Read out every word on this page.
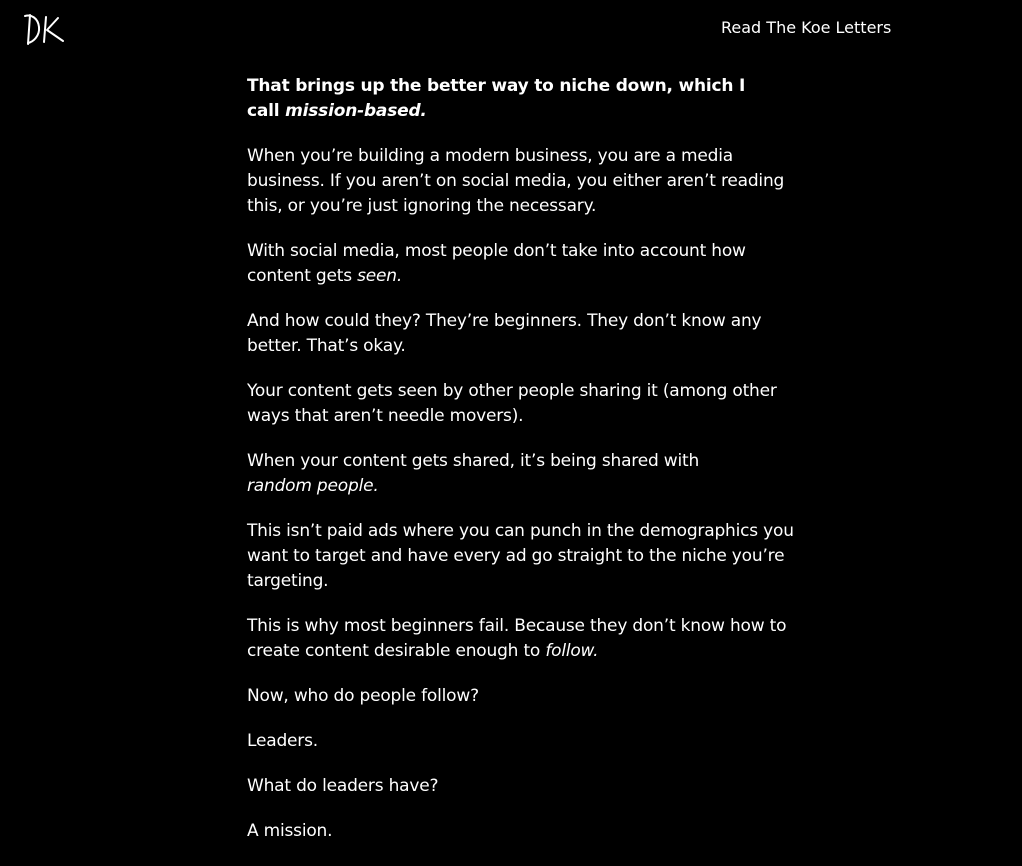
Read The Koe Letters

That brings up the better way to niche down, which I call mission-based.

When you’re building a modern business, you are a media business. If you aren’t on social media, you either aren’t reading this, or you’re just ignoring the necessary.

With social media, most people don’t take into account how content gets seen.

And how could they? They’re beginners. They don’t know any better. That’s okay.

Your content gets seen by other people sharing it (among other ways that aren’t needle movers).

When your content gets shared, it’s being shared with random people.

This isn’t paid ads where you can punch in the demographics you want to target and have every ad go straight to the niche you’re targeting.

This is why most beginners fail. Because they don’t know how to create content desirable enough to follow.

Now, who do people follow?

Leaders.

What do leaders have?

A mission.
